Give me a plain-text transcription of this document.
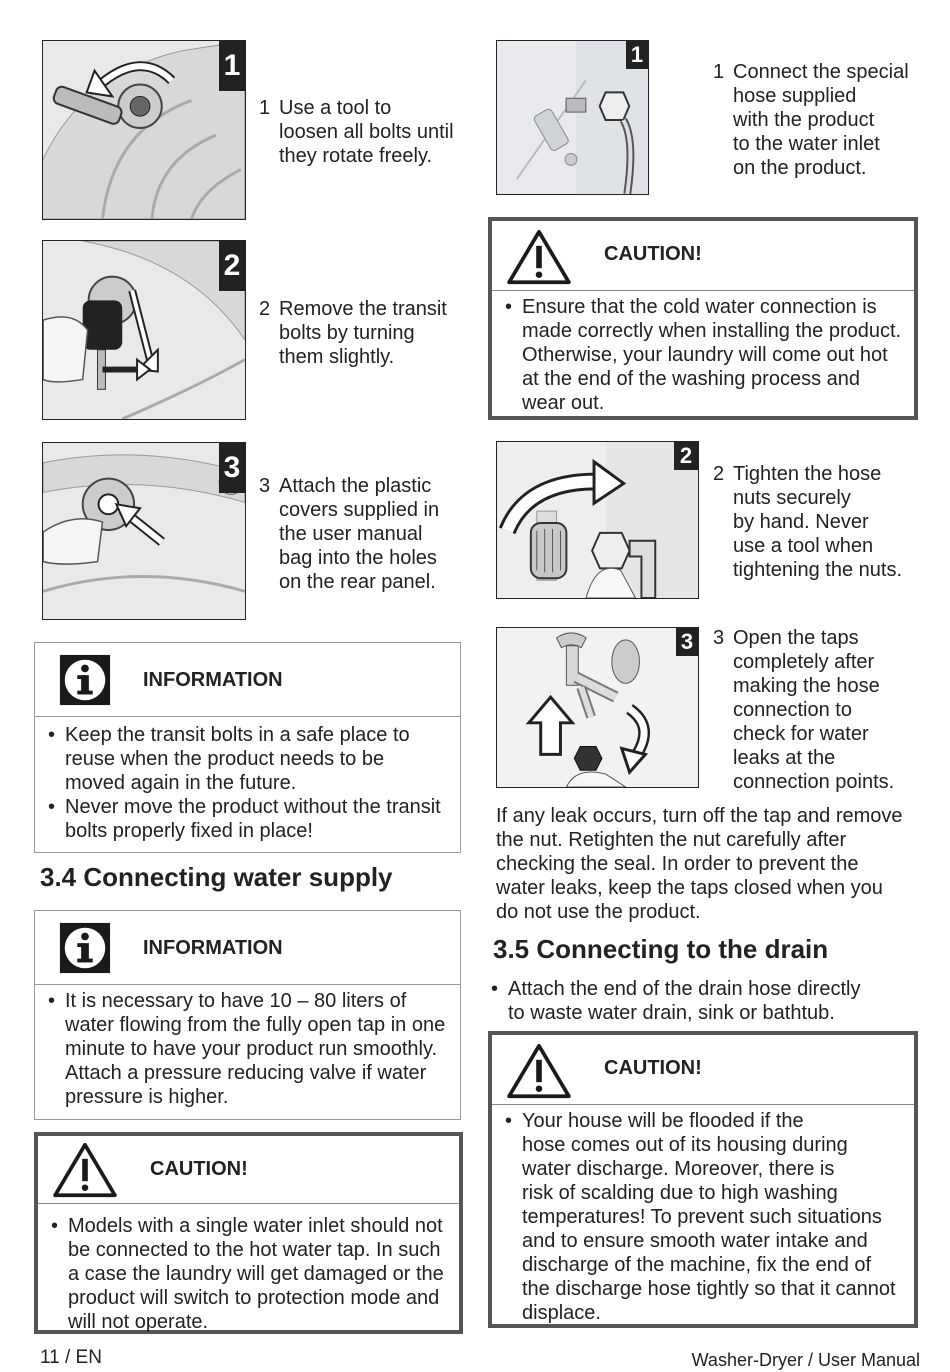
1
2
3
1 Use a tool to
loosen all bolts until
they rotate freely.
2 Remove the transit
bolts by turning
them slightly.
3 Attach the plastic
covers supplied in
the user manual
bag into the holes
on the rear panel.
INFORMATION
• Keep the transit bolts in a safe place to
reuse when the product needs to be
moved again in the future.
• Never move the product without the transit
bolts properly fixed in place!
3.4 Connecting water supply
INFORMATION
• It is necessary to have 10 – 80 liters of
water flowing from the fully open tap in one
minute to have your product run smoothly.
Attach a pressure reducing valve if water
pressure is higher.
CAUTION!
• Models with a single water inlet should not
be connected to the hot water tap. In such
a case the laundry will get damaged or the
product will switch to protection mode and
will not operate.
1
1 Connect the special
hose supplied
with the product
to the water inlet
on the product.
CAUTION!
• Ensure that the cold water connection is
made correctly when installing the product.
Otherwise, your laundry will come out hot
at the end of the washing process and
wear out.
2
2 Tighten the hose
nuts securely
by hand. Never
use a tool when
tightening the nuts.
3 3 Open the taps
completely after
making the hose
connection to
check for water
leaks at the
connection points.
If any leak occurs, turn off the tap and remove
the nut. Retighten the nut carefully after
checking the seal. In order to prevent the
water leaks, keep the taps closed when you
do not use the product.
3.5 Connecting to the drain
• Attach the end of the drain hose directly
to waste water drain, sink or bathtub.
CAUTION!
• Your house will be flooded if the
hose comes out of its housing during
water discharge. Moreover, there is
risk of scalding due to high washing
temperatures! To prevent such situations
and to ensure smooth water intake and
discharge of the machine, fix the end of
the discharge hose tightly so that it cannot
displace.
11 / EN	Washer-Dryer / User Manual
